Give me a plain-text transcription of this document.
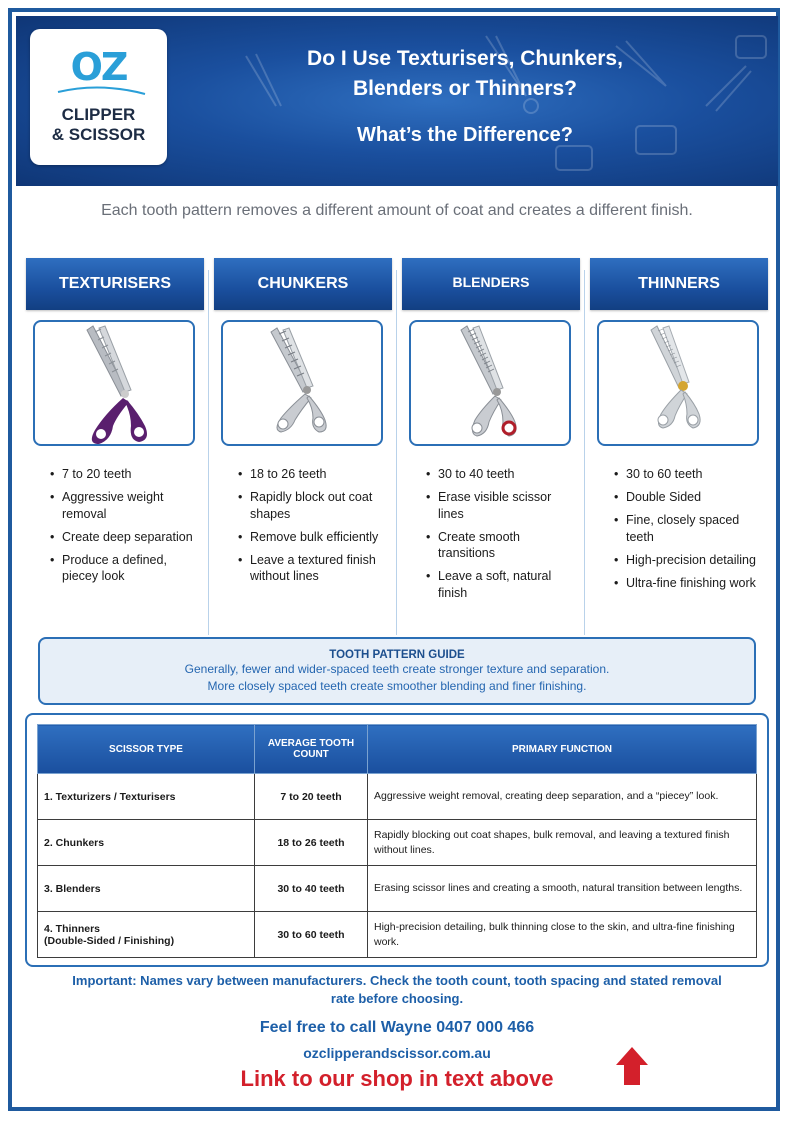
OZ
CLIPPER
& SCISSOR
Do I Use Texturisers, Chunkers,
Blenders or Thinners?
What’s the Difference?
Each tooth pattern removes a different amount of coat and creates a different finish.
TEXTURISERS	CHUNKERS	BLENDERS	THINNERS
• 7 to 20 teeth
• Aggressive weight removal
• Create deep separation
• Produce a defined, piecey look
• 18 to 26 teeth
• Rapidly block out coat shapes
• Remove bulk efficiently
• Leave a textured finish without lines
• 30 to 40 teeth
• Erase visible scissor lines
• Create smooth transitions
• Leave a soft, natural finish
• 30 to 60 teeth
• Double Sided
• Fine, closely spaced teeth
• High-precision detailing
• Ultra-fine finishing work
TOOTH PATTERN GUIDE
Generally, fewer and wider-spaced teeth create stronger texture and separation.
More closely spaced teeth create smoother blending and finer finishing.
SCISSOR TYPE	AVERAGE TOOTH COUNT	PRIMARY FUNCTION
1. Texturizers / Texturisers	7 to 20 teeth	Aggressive weight removal, creating deep separation, and a “piecey” look.
2. Chunkers	18 to 26 teeth	Rapidly blocking out coat shapes, bulk removal, and leaving a textured finish without lines.
3. Blenders	30 to 40 teeth	Erasing scissor lines and creating a smooth, natural transition between lengths.

4. Thinners
(Double-Sided / Finishing)	30 to 60 teeth	High-precision detailing, bulk thinning close to the skin, and ultra-fine finishing work.
Important: Names vary between manufacturers. Check the tooth count, tooth spacing and stated removal rate before choosing.
Feel free to call Wayne 0407 000 466
ozclipperandscissor.com.au
Link to our shop in text above
